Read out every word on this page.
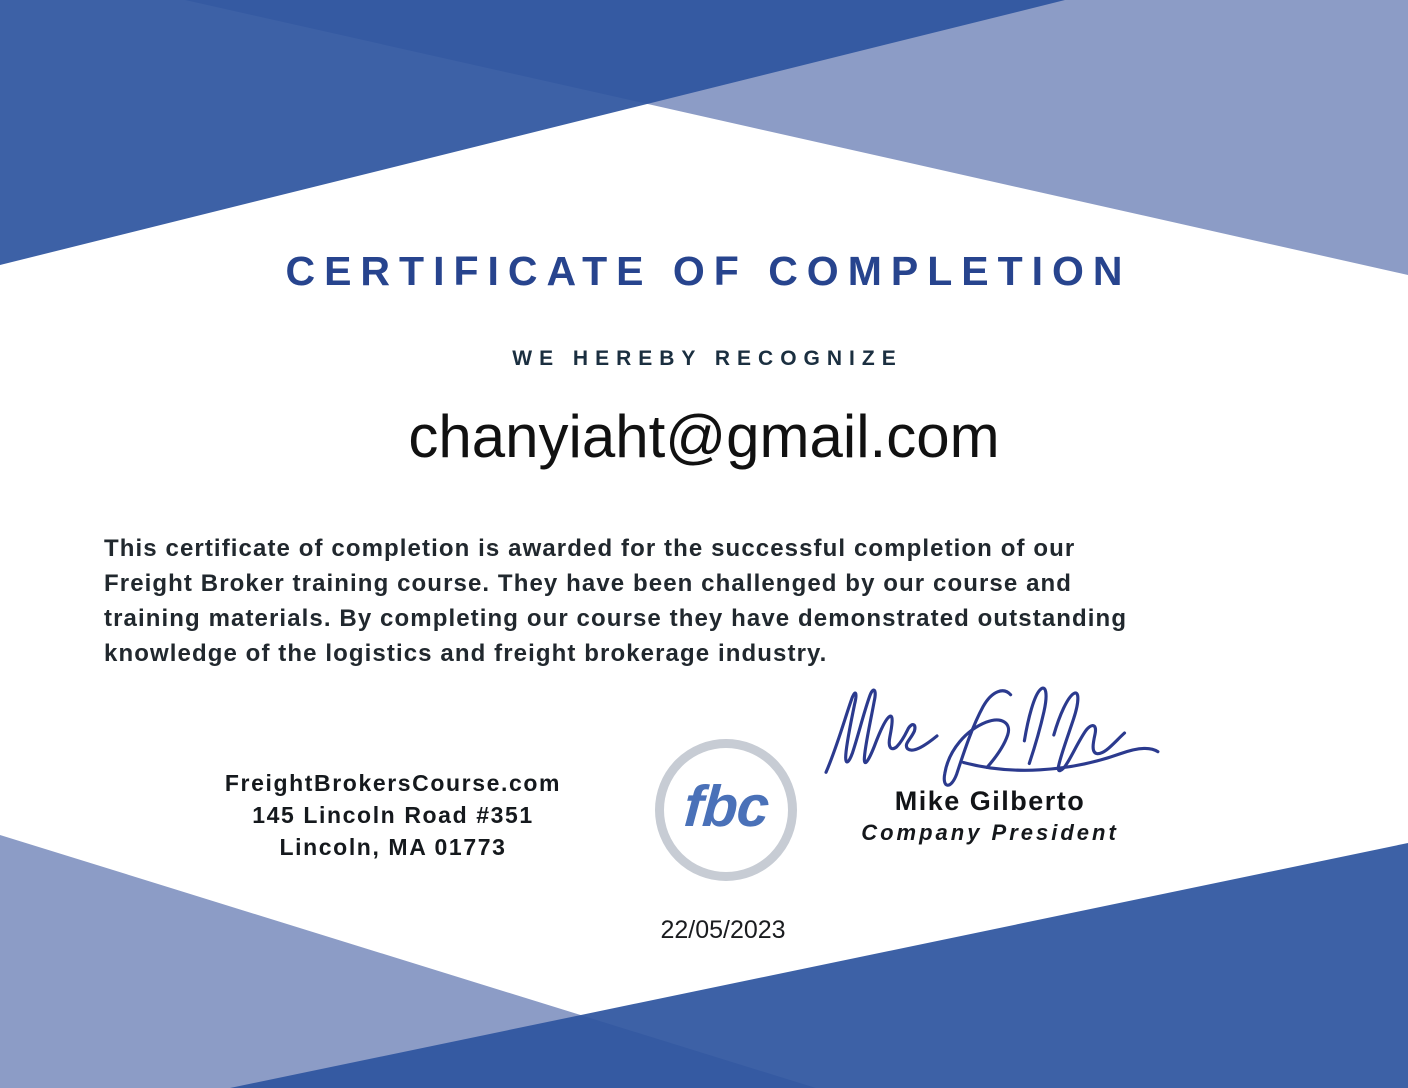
CERTIFICATE OF COMPLETION
WE HEREBY RECOGNIZE
chanyiaht@gmail.com
This certificate of completion is awarded for the successful completion of our
Freight Broker training course. They have been challenged by our course and
training materials. By completing our course they have demonstrated outstanding
knowledge of the logistics and freight brokerage industry.
FreightBrokersCourse.com
145 Lincoln Road #351
Lincoln, MA 01773
fbc	Mike Gilberto
Company President
22/05/2023
